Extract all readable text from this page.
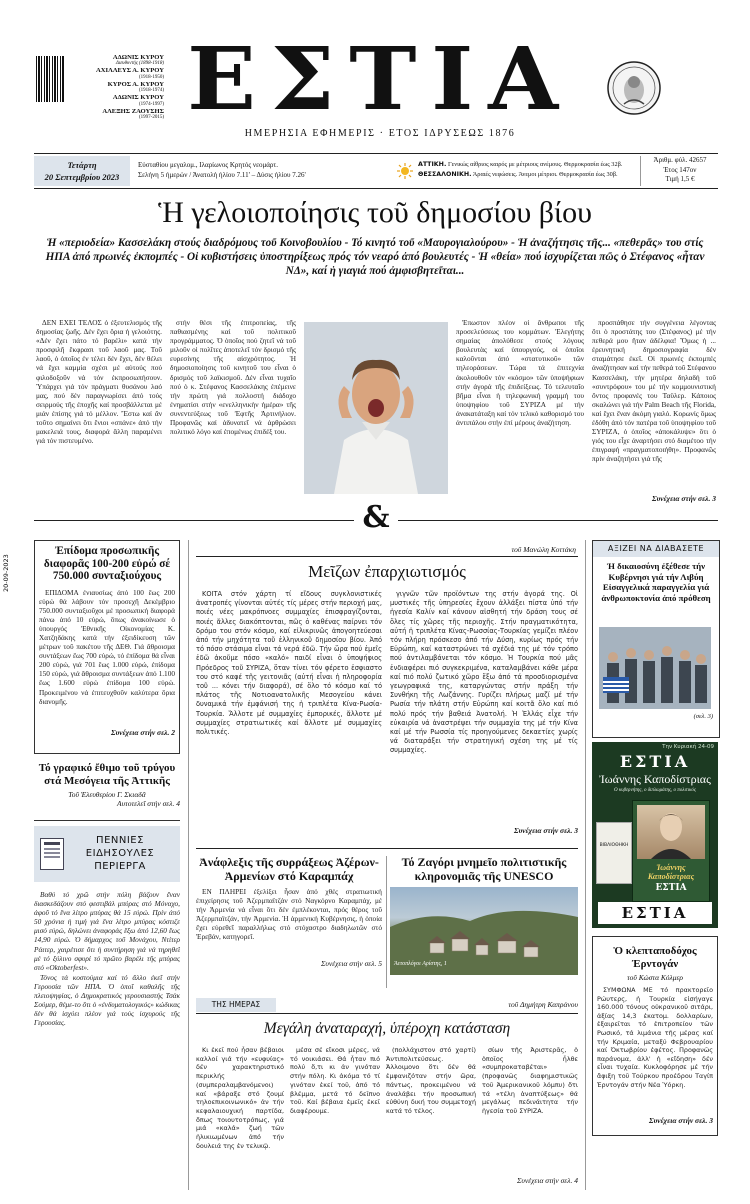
ΑΔΩΝΙΣ ΚΥΡΟΥ
Διευθυντής (1898-1918)
ΑΧΙΛΛΕΥΣ Α. ΚΥΡΟΥ
(1918-1950)
ΚΥΡΟΣ Α. ΚΥΡΟΥ
(1918-1974)
ΑΔΩΝΙΣ ΚΥΡΟΥ
(1974-1997)
ΑΛΕΞΗΣ ΖΑΟΥΣΗΣ
(1997-2015) ΕΣΤΙΑ
ΗΜΕΡΗΣΙΑ ΕΦΗΜΕΡΙΣ · ΕΤΟΣ ΙΔΡΥΣΕΩΣ 1876
20-09-2023
Τετάρτη
20 Σεπτεμβρίου 2023
Εύσταθίου μεγαλομ., Ιλαρίωνος Κρητός νεομάρτ.
Σελήνη 5 ήμερών / Άνατολή ήλίου 7.11' – Δύσις ήλίου 7.26'
ΑΤΤΙΚΗ. Γενικώς αίθριος καιρός με μέτριους ανέμους. Θερμοκρασία έως 32β.
ΘΕΣΣΑΛΟΝΙΚΗ. Άραιές νεφώσεις. Άνεμοι μέτριοι. Θερμοκρασία έως 30β.
Άριθμ. φύλ. 42657
Έτος 147ον
Τιμή 1,5 €
Ἡ γελοιοποίησις τοῦ δημοσίου βίου
Ἡ «περιοδεία» Κασσελάκη στούς διαδρόμους τοῦ Κοινοβουλίου - Τό κινητό τοῦ «Μαυρογιαλούρου» - Ἡ ἀναζήτησις τῆς... «πεθερᾶς» του στίς ΗΠΑ ἀπό πρωινές ἐκπομπές - Οἱ κυβιστήσεις ὑποστηρίξεως πρός τόν νεαρό ἀπό βουλευτές - Ἡ «θεία» πού ἰσχυρίζεται πῶς ὁ Στέφανος «ἦταν ΝΔ», καί ἡ γιαγιά πού ἀμφισβητεῖται...

ΔΕΝ ΕΧΕΙ ΤΕΛΟΣ ὁ ἐξευτελισμός τῆς δημοσίας ζωῆς. Δέν ἔχει ὅρια ἡ γελοιότης. «Δέν ἔχει πάτο τό βαρέλι» κατά τήν προσφιλῆ ἔκφρασι τοῦ λαοῦ μας. Τοῦ λαοῦ, ὁ ὁποῖος ἐν τέλει δέν ἔχει, δέν θέλει νά ἔχει καμμία σχέσι μέ αὐτούς πού φιλοδοξοῦν νά τόν ἐκπροσωπήσουν. Ὑπάρχει γιά τόν πράγματι θυσάνου λαό μας, πού δέν παραγνωρίσει ἀπό τούς σειρμούς τῆς ἐποχῆς καί προσβάλλεται μέ μιάν ἐπίσης γιά τό μέλλον. Ἔστω καί ἄν τοῦτο σημαίνει ὅτι ἔνιοι «σπάνε» ἀπό τήν μακελειά τους, διαφορά ἄλλη παραμένει γιά τόν πιστευμένο.

στήν θέσι τῆς ἐπιτροπείας, τῆς παθιασμένης καί τοῦ πολιτικοῦ προγράμματος. Ὁ ὁποῖος πού ζητεῖ νά τοῦ μιλοῦν οἱ πολῖτες ἀποτελεῖ τόν δρισμό τῆς ευρεσίνης τῆς αἰσχρότητος. Ἡ δημοσιοποίησις τοῦ κινητοῦ του εἶναι ὁ δρισμός τοῦ λαϊκισμοῦ. Δέν εἶναι τυχαῖο πού ὁ κ. Στέφανος Κασσελάκης ἐπέμεινε τήν πρώτη γιά πολλοστή διάδοχο ἐνηματίσι στήν «ενελληνικὴν ἡμέρα» τῆς συνεντεύξεως τοῦ Ἐφτῆς Ἀρτινήλιον. Προφανῶς καί ἀδυνατεῖ νά ἀρθρώσει πολιτικό λόγο καί ἐπομένως ἐπιδέξ του.

Ἐπωστον πλέον οἱ ἄνθρωποι τῆς προσελεύσεως του κομμάτων. Ἐλεγήτης σημαίας ἀπολύθεσε στούς λόγους βουλευτὰς καί ὑπουργούς, οἱ ὁποῖοι καλοῦνται ἀπό «στατυτικοῦ» τῶν τηλεοράσεων. Τώρα τά ἐπιτεχνία ἀκολουθοῦν τόν «κόσμο» τῶν ὑποψήφιων στήν ἀγορά τῆς ἐπιδείξεως. Τό τελευταῖο βῆμα εἶναι ἡ τηλεφωνική γραμμή του ὑποψηφίου τοῦ ΣΥΡΙΖΑ μέ τήν ἀνακατάταξη καί τόν τελικό καθορισμό του ἀντιπάλου στήν ἐπί μέρους ἀναζήτηση.

προσπάθησε τήν συγγένεια λέγοντας ὅτι ὁ προστάτης του (Στέφανος) μέ τήν πεθερά μου ἤταν ἀδέλφια! Ὅμως ἡ ... ἐρευνητική δημοσιογραφία δέν σταμάτησε ἐκεῖ. Οἱ πρωινές ἐκπομπές ἀναζήτησαν καί τήν πεθερά τοῦ Στέφανου Κασσελάκη, τήν μητέρα δηλαδή τοῦ «συντρόφου» του μέ τήν κομμουνιστική ὄντος προφανές του Ταϋλερ. Κάποιος σκαλώνει γιά τήν Palm Beach τῆς Florida, καί ἔχει ἕναν ἀκόμη γιαλό. Κορωνίς ὅμως ἐδόθη ἀπό τόν πατέρα τοῦ ὑποψηφίου τοῦ ΣΥΡΙΖΑ, ὁ ὁποῖος «ἀποκάλυψε» ὅτι ὁ γιός του εἶχε ἀναρτήσει στό διαμέτοο τήν ἐπιγραφή «πραγματοποιήθη». Προφανῶς πρίν ἀναζητήσει γιά τῆς

Συνέχεια στήν σελ. 3
&
Ἐπίδομα προσωπικῆς διαφορᾶς 100-200 εὐρώ σέ 750.000 συνταξιούχους

ΕΠΙΔΟΜΑ ἐνιαυσίως ἀπό 100 ἕως 200 εὐρώ θά λάβουν τόν προσεχῆ Δεκέμβριο 750.000 συνταξιοῦχοι μέ προσωπική διαφορά πάνω ἀπό 10 εὐρώ, ὅπως ἀνακοίνωσε ὁ ὑπουργός Ἐθνικῆς Οἰκονομίας Κ. Χατζηδάκης κατά τήν ἐξειδίκευση τῶν μέτρων τοῦ πακέτου τῆς ΔΕΘ. Γιά ἄθροισμα συντάξεων ἕως 700 εὐρώ, τό ἐπίδομα θά εἶναι 200 εὐρώ, γιά 701 ἕως 1.000 εὐρώ, ἐπίδομα 150 εὐρώ, γιά ἄθροισμα συντάξεων ἀπό 1.100 ἕως 1.600 εὐρώ ἐπίδομα 100 εὐρώ. Προκειμένου νά ἐπιτευχθοῦν καλύτερα ὅρια διανομῆς.

Συνέχεια στήν σελ. 2
Τό γραφικό ἔθιμο τοῦ τρύγου στά Μεσόγεια τῆς Ἀττικῆς
Τοῦ Ἐλευθερίου Γ. Σκιαδᾶ
Αυτοτελεῖ στήν σελ. 4
ΠΕΝΝΙΕΣ ΕΙΔΗΣΟΥΛΕΣ ΠΕΡΙΕΡΓΑ

Βαθύ τό χρῶ στήν πόλη βάζουν ἕναν διασκεδάζουν στό φεστιβάλ μπύρας στό Μόναχο, ἀφοῦ τό ἕνα λίτρο μπύρας θά 15 εὐρώ. Πρίν ἀπό 50 χρόνια ἡ τιμή γιά ἕνα λίτρο μπύρας κόστιζε μισό εὐρώ, δηλώνει ἀναφοράς ἕξω ἀπό 12,60 ἕως 14,90 εὐρώ. Ὁ δήμαρχος τοῦ Μονάχου, Ντίτερ Ράιτερ, χαιρέτισε ὅτι ἡ συντήρηση γιά νά τηρηθεῖ μέ τό ξύλινο σφυρί τό πρῶτο βαρέλι τῆς μπύρας στό «Oktoberfest».

Τόνος τά κοστούμια καί τό ἄλλο ἐκεῖ στήν Γερουσία τῶν ΗΠΑ. Ὁ ὁποῖ καθαλῆς τῆς πλειοψηφίας, ὁ Δημοκρατικός γερουσιαστής Τσάκ Σούμερ, θέμε-το ὅτι ὁ «ἐνδυματολογικός» κώδικας δέν θά ἰσχύει πλέον γιά τούς ἰσχυρούς τῆς Γερουσίας.

τοῦ Μανώλη Κοττάκη
Μεῖζων ἐπαρχιωτισμός

ΚΟΙΤΑ στόν χάρτη τί εἴδους συγκλονιστικές ἀνατροπές γίνονται αὐτές τίς μέρες στήν περιοχή μας, ποιές νέες μακρόπνοες συμμαχίες ἐπισφραγίζονται, ποιές ἄλλες διακόπτονται, πῶς ὁ καθένας παίρνει τόν δρόμο του στόν κόσμο, καί εἰλικρινῶς ἀπογοητεύεσαι ἀπό τήν μηχότητα τοῦ ἑλληνικοῦ δημοσίου βίου. Ἀπό τό πόσο στάσιμα εἶναι τά νερά ἐδῶ. Τήν ὥρα πού ἐμεῖς ἐδῶ ἀκοῦμε πόσο «καλό» παιδί εἶναι ὁ ὑποψήφιος Πρόεδρος τοῦ ΣΥΡΙΖΑ, ὅταν τίνει τόν φέρετο ἐσφιαστο του στό καφέ τῆς γειτονιᾶς (αὐτή εἶναι ἡ πληροφορία τοῦ ... κόνει τήν διαφορά), σέ ὅλο τό κόσμο καί τό πλάτος τῆς Νοτιοανατολικῆς Μεσογείου κάνει δυναμικά τήν ἐμφάνισή της ἡ τριπλέτα Κίνα-Ρωσία-Τουρκία. Ἄλλοτε μέ συμμαχίες ἐμπορικές, ἄλλοτε μέ συμμαχίες στρατιωτικές καί ἄλλοτε μέ συμμαχίες πολιτικές.

γιγνῶν τῶν προϊόντων της στήν ἀγορά της. Οἱ μυστικές τῆς ὑπηρεσίες ἔχουν ἀλλάξει πίστα ὑπό τήν ἡγεσία Καλίν καί κάνουν αἰσθητή τήν δράση τους σέ ὅλες τίς χῶρες τῆς περιοχῆς. Στήν πραγματικότητα, αὐτή ἡ τριπλέτα Κίνας-Ρωσσίας-Τουρκίας γεμίζει πλέον τόν πλήρη πρόσκεσο ἀπό τήν Δύση, κυρίως πρός τήν Εὐρώπη, καί καταστρώνει τά σχέδιά της μέ τόν τρόπο πού ἀντιλαμβάνεται τόν κόσμο. Ἡ Τουρκία πού μᾶς ἐνδιαφέρει πιό συγκεκριμένα, καταλαμβάνει κάθε μέρα καί πιό πολύ ζωτικό χῶρο ἔξω ἀπό τά προσδιορισμένα γεωγραφικά της, καταργώντας στήν πράξη τήν Συνθήκη τῆς Λωζάννης. Γυρίζει πλήρως μαζί μέ τήν Ρωσία τήν πλάτη στήν Εὐρώπη καί κοιτᾶ ὅλο καί πιό πολύ πρός τήν βαθειά Ἀνατολή. Ἡ Ἑλλάς εἶχε τήν εὐκαιρία νά ἀναστρέψει τήν συμμαχία της μέ τήν Κίνα καί μέ τήν Ρωσσία τίς προηγούμενες δεκαετίες χωρίς νά διαταράξει τήν στρατηγική σχέση της μέ τίς συμμαχίες.

Συνέχεια στήν σελ. 3
Ἀνάφλεξις τῆς συρράξεως Ἀζέρων-Ἀρμενίων στό Καραμπάχ

ΕΝ ΠΛΗΡΕΙ ἐξελίξει ἦσαν ἀπό χθές στρατιωτική ἐπιχείρησις τοῦ Ἀζερμπαϊτζάν στό Ναγκόρνο Καραμπάχ, μέ τήν Ἀρμενία νά εἶναι ὅτι δέν ἐμπλέκονται, πρός θέρος τοῦ Ἀζερμπαϊτζάν, τήν Ἀρμενία. Ἡ ἀρμενική Κυβέρνησις, ἡ ὁποία ἔχει εὐρεθεῖ παραλλήλως στό στόχαστρο διαδηλωτῶν στό Ἐρεβάν, κατηγορεῖ.

Συνέχεια στήν σελ. 5
Τό Ζαγόρι μνημεῖο πολιτιστικῆς κληρονομιᾶς τῆς UNESCO
Ἀετοπλόγοι Αρίστης, 1
ΑΞΙΖΕΙ ΝΑ ΔΙΑΒΑΣΕΤΕ
Ἡ δικαιοσύνη ἐξέθεσε τήν Κυβέρνησι γιά τήν Λιβύη Εἰσαγγελικά παραγγελία γιά ἀνθρωποκτονία ἀπό πρόθεση
(σελ. 3)
Την Κυριακή 24-09
ΕΣΤΙΑ
Ἰωάννης Καποδίστριας
Ο κυβερνήτης, ο διπλωμάτης, ο πολιτικός
Ἰωάννης Καποδίστριας
ΕΣΤΙΑ
ΒΙΒΛΙΟΘΗΚΗ
ΕΣΤΙΑ
Ὁ κλεπταποδόχος Ἐρντογάν
τοῦ Κώστα Κόλμερ

ΣΥΜΦΩΝΑ ΜΕ τό πρακτορεῖο Ρώυτερς, ἡ Τουρκία εἰσήγαγε 160.000 τόνους οὐκρανικοῦ σιτάρι, ἀξίας 14,3 ἑκατομ. δολλαρίων, ἐξαιρεῖται τό ἐπιτροπείον τῶν Ρωσικό, τά λιμάνια τῆς μέρας καί τήν Κριμαία, μεταξύ Φεβρουαρίου καί Ὀκτωβρίου ἐφέτος. Προφανῶς παράνομα, ἀλλ' ἡ «εἴδηση» δέν εἶναι τυχαία. Κυκλοφόρησε μέ τήν ἄφιξη τοῦ Τούρκου προέδρου Ταγίπ Ἐρντογάν στήν Νέα Ὑόρκη.

Συνέχεια στήν σελ. 3
ΤΗΣ ΗΜΕΡΑΣ	τοῦ Δημήτρη Καπράνου
Μεγάλη ἀναταραχή, ὑπέροχη κατάσταση

Κι ἐκεῖ πού ἦσαν βέβαιοι καλλοί γιά τήν «ευφυίας» δέν χαρακτηριστικό περικλής (συμπεραλαμβανόμενοι) καί «βάραξε στό ζουμί τηλοεπικοινωνικό» ἀν τήν κεφαλαιουχική παρτίδα, ὅπως τοιουτοτρόπως, γιά μιά «καλά» ζωή τῶν ἡλικιωμένων ἀπό τήν δουλειά της ἐν τελικῷ.

μέσα σέ εἴκοσι μέρες, νά τό νοικιάσει. Θά ἦταν πιό πολύ ὅ,τι κι ἀν γινόταν στήν πόλη. Κι ἀκόμα τό τί γινόταν ἐκεί τοῦ, ἀπό τό βλέμμα, μετά τό δεῖπνο τοῦ. Καί βέβαια ἐμεῖς ἐκεῖ διαφέρουμε.

(πολλάχιστον στό χαρτί) Ἀντιπολιτεύσεως. Ἀλλοιμονο ὅτι δέν θά ἐμφανιζόταν στήν ὥρα, πάντως, προκειμένου νά ἀναλάβει τήν προσωπική εὐθύνη δική του συμμετοχή κατά τό τέλος.

σίων τῆς Ἀριστερᾶς, ὁ ὁποῖος ἦλθε «συμπροκαταβέται» (προφανῶς διαφημιστικῶς τοῦ Ἀμερικανικοῦ λόμπυ) ὅτι τά «τέλη ἀναπτύξεως» θά μεγάλως πεδινάιτητα τήν ἡγεσία τοῦ ΣΥΡΙΖΑ.

Συνέχεια στήν σελ. 4
